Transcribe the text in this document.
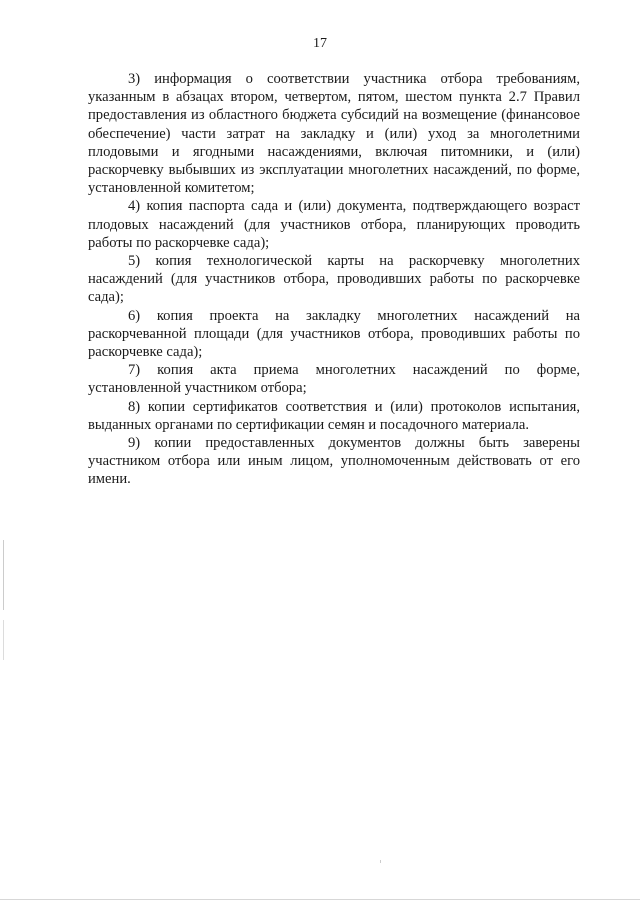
17

3) информация о соответствии участника отбора требованиям, указанным в абзацах втором, четвертом, пятом, шестом пункта 2.7 Правил предоставления из областного бюджета субсидий на возмещение (финансовое обеспечение) части затрат на закладку и (или) уход за многолетними плодовыми и ягодными насаждениями, включая питомники, и (или) раскорчевку выбывших из эксплуатации многолетних насаждений, по форме, установленной комитетом;

4) копия паспорта сада и (или) документа, подтверждающего возраст плодовых насаждений (для участников отбора, планирующих проводить работы по раскорчевке сада);

5) копия технологической карты на раскорчевку многолетних насаждений (для участников отбора, проводивших работы по раскорчевке сада);

6) копия проекта на закладку многолетних насаждений на раскорчеванной площади (для участников отбора, проводивших работы по раскорчевке сада);

7) копия акта приема многолетних насаждений по форме, установленной участником отбора;

8) копии сертификатов соответствия и (или) протоколов испытания, выданных органами по сертификации семян и посадочного материала.

9) копии предоставленных документов должны быть заверены участником отбора или иным лицом, уполномоченным действовать от его имени.
